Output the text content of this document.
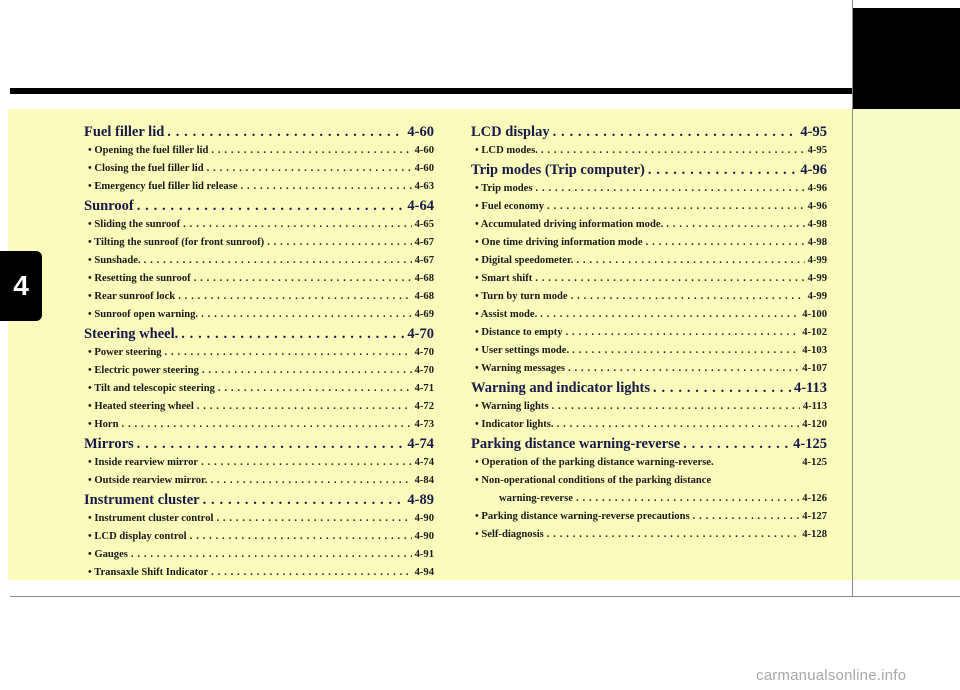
4
Fuel filler lid . . .	4-60
• Opening the fuel filler lid . . .	4-60
• Closing the fuel filler lid . . .	4-60
• Emergency fuel filler lid release . . .	4-63
Sunroof . . .	4-64
• Sliding the sunroof . . .	4-65
• Tilting the sunroof (for front sunroof) . . .	4-67
• Sunshade. . . .	4-67
• Resetting the sunroof . . .	4-68
• Rear sunroof lock . . .	4-68
• Sunroof open warning. . . .	4-69
Steering wheel. . . .	4-70
• Power steering . . .	4-70
• Electric power steering . . .	4-70
• Tilt and telescopic steering . . .	4-71
• Heated steering wheel . . .	4-72
• Horn . . .	4-73
Mirrors . . .	4-74
• Inside rearview mirror . . .	4-74
• Outside rearview mirror. . . .	4-84
Instrument cluster . . .	4-89
• Instrument cluster control . . .	4-90
• LCD display control . . .	4-90
• Gauges . . .	4-91
• Transaxle Shift Indicator . . .	4-94
LCD display . . .	4-95
• LCD modes. . . .	4-95
Trip modes (Trip computer) . . .	4-96
• Trip modes . . .	4-96
• Fuel economy . . .	4-96
• Accumulated driving information mode. . . .	4-98
• One time driving information mode . . .	4-98
• Digital speedometer. . . .	4-99
• Smart shift . . .	4-99
• Turn by turn mode . . .	4-99
• Assist mode. . . .	4-100
• Distance to empty . . .	4-102
• User settings mode. . . .	4-103
• Warning messages . . .	4-107
Warning and indicator lights . . .	4-113
• Warning lights . . .	4-113
• Indicator lights. . . .	4-120
Parking distance warning-reverse . . .	4-125
• Operation of the parking distance warning-reverse.	4-125
• Non-operational conditions of the parking distance
warning-reverse . . .	4-126
• Parking distance warning-reverse precautions . . .	4-127
• Self-diagnosis . . .	4-128
carmanualsonline.info
